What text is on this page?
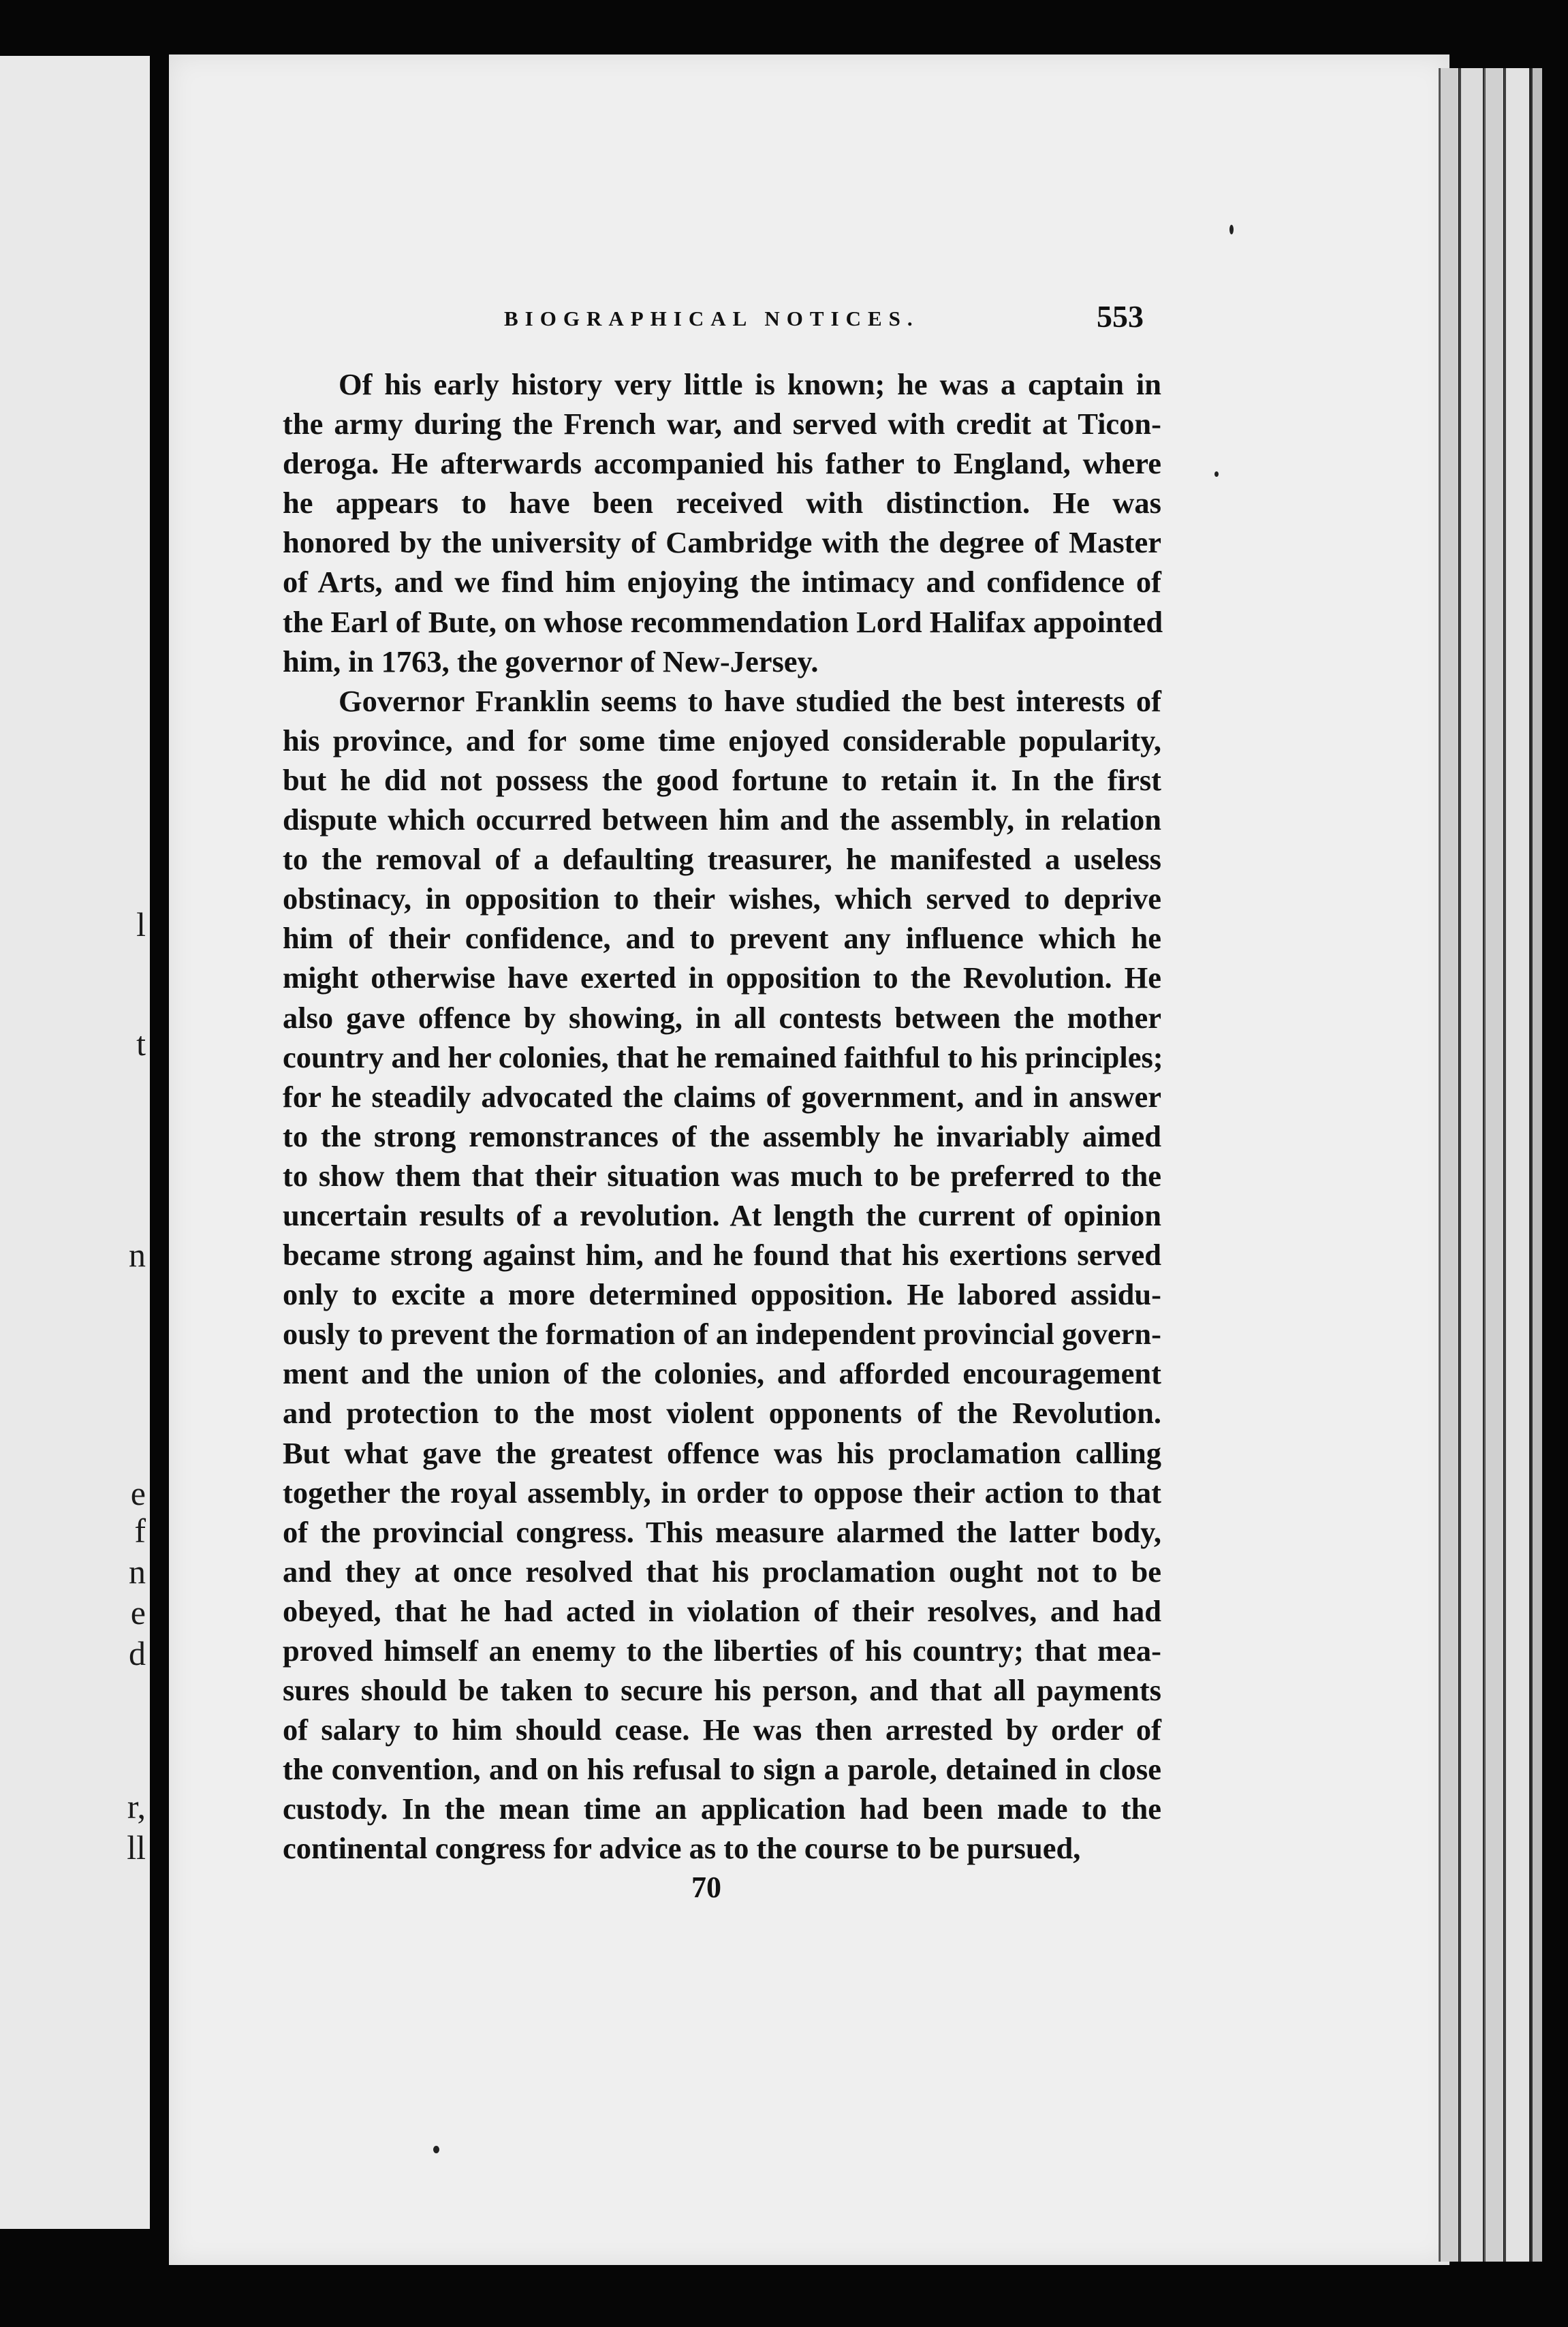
l
t
n
e
f
n
e
d
r,
ll
BIOGRAPHICAL NOTICES.	553
Of his early history very little is known; he was a captain in
the army during the French war, and served with credit at Ticon-
deroga. He afterwards accompanied his father to England, where
he appears to have been received with distinction. He was
honored by the university of Cambridge with the degree of Master
of Arts, and we find him enjoying the intimacy and confidence of
the Earl of Bute, on whose recommendation Lord Halifax appointed
him, in 1763, the governor of New-Jersey.
Governor Franklin seems to have studied the best interests of
his province, and for some time enjoyed considerable popularity,
but he did not possess the good fortune to retain it. In the first
dispute which occurred between him and the assembly, in relation
to the removal of a defaulting treasurer, he manifested a useless
obstinacy, in opposition to their wishes, which served to deprive
him of their confidence, and to prevent any influence which he
might otherwise have exerted in opposition to the Revolution. He
also gave offence by showing, in all contests between the mother
country and her colonies, that he remained faithful to his principles;
for he steadily advocated the claims of government, and in answer
to the strong remonstrances of the assembly he invariably aimed
to show them that their situation was much to be preferred to the
uncertain results of a revolution. At length the current of opinion
became strong against him, and he found that his exertions served
only to excite a more determined opposition. He labored assidu-
ously to prevent the formation of an independent provincial govern-
ment and the union of the colonies, and afforded encouragement
and protection to the most violent opponents of the Revolution.
But what gave the greatest offence was his proclamation calling
together the royal assembly, in order to oppose their action to that
of the provincial congress. This measure alarmed the latter body,
and they at once resolved that his proclamation ought not to be
obeyed, that he had acted in violation of their resolves, and had
proved himself an enemy to the liberties of his country; that mea-
sures should be taken to secure his person, and that all payments
of salary to him should cease. He was then arrested by order of
the convention, and on his refusal to sign a parole, detained in close
custody. In the mean time an application had been made to the
continental congress for advice as to the course to be pursued,
70
